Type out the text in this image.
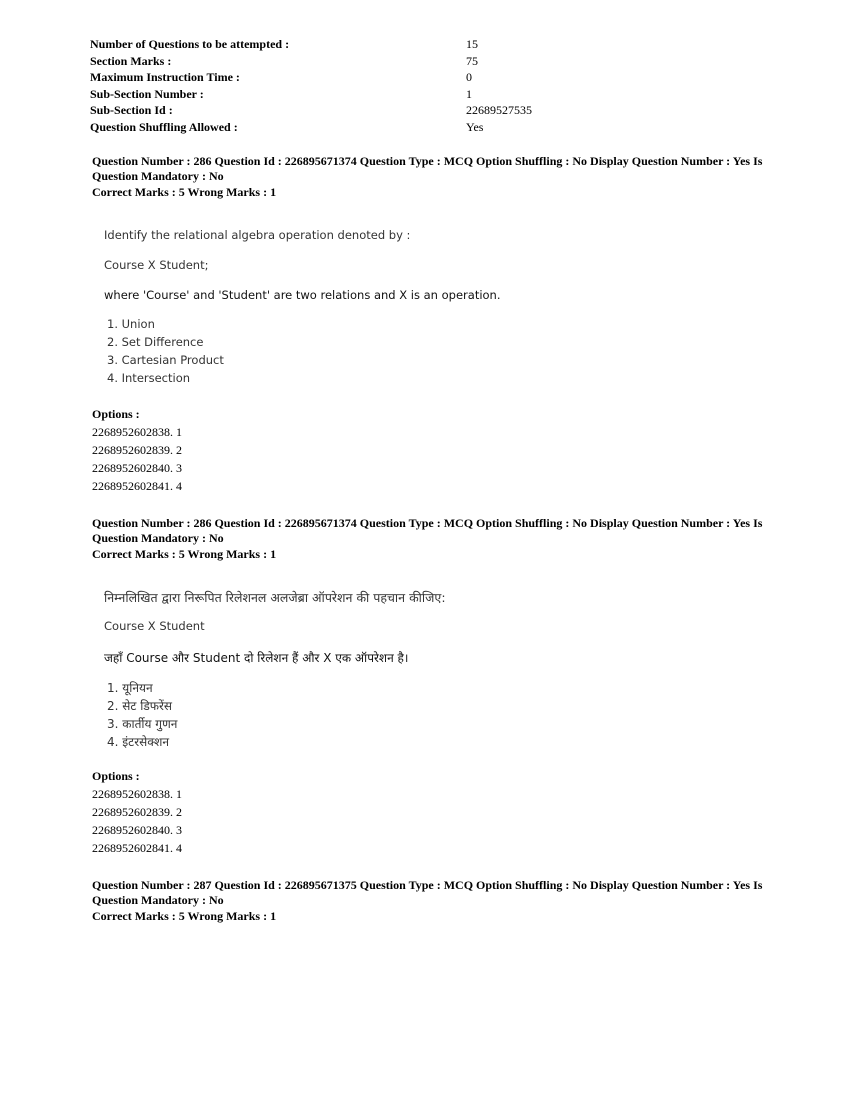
Number of Questions to be attempted :	15
Section Marks :	75
Maximum Instruction Time :	0
Sub-Section Number :	1
Sub-Section Id :	22689527535
Question Shuffling Allowed :	Yes
Question Number : 286 Question Id : 226895671374 Question Type : MCQ Option Shuffling : No Display Question Number : Yes Is Question Mandatory : No
Correct Marks : 5 Wrong Marks : 1
Identify the relational algebra operation denoted by :
Course X Student;
where 'Course' and 'Student' are two relations and X is an operation.
1. Union
2. Set Difference
3. Cartesian Product
4. Intersection
Options :
2268952602838. 1
2268952602839. 2
2268952602840. 3
2268952602841. 4
Question Number : 286 Question Id : 226895671374 Question Type : MCQ Option Shuffling : No Display Question Number : Yes Is Question Mandatory : No
Correct Marks : 5 Wrong Marks : 1
निम्नलिखित द्वारा निरूपित रिलेशनल अलजेब्रा ऑपरेशन की पहचान कीजिए:
Course X Student
जहाँ Course और Student दो रिलेशन हैं और X एक ऑपरेशन है।
1. यूनियन
2. सेट डिफरेंस
3. कार्तीय गुणन
4. इंटरसेक्शन
Options :
2268952602838. 1
2268952602839. 2
2268952602840. 3
2268952602841. 4
Question Number : 287 Question Id : 226895671375 Question Type : MCQ Option Shuffling : No Display Question Number : Yes Is Question Mandatory : No
Correct Marks : 5 Wrong Marks : 1
